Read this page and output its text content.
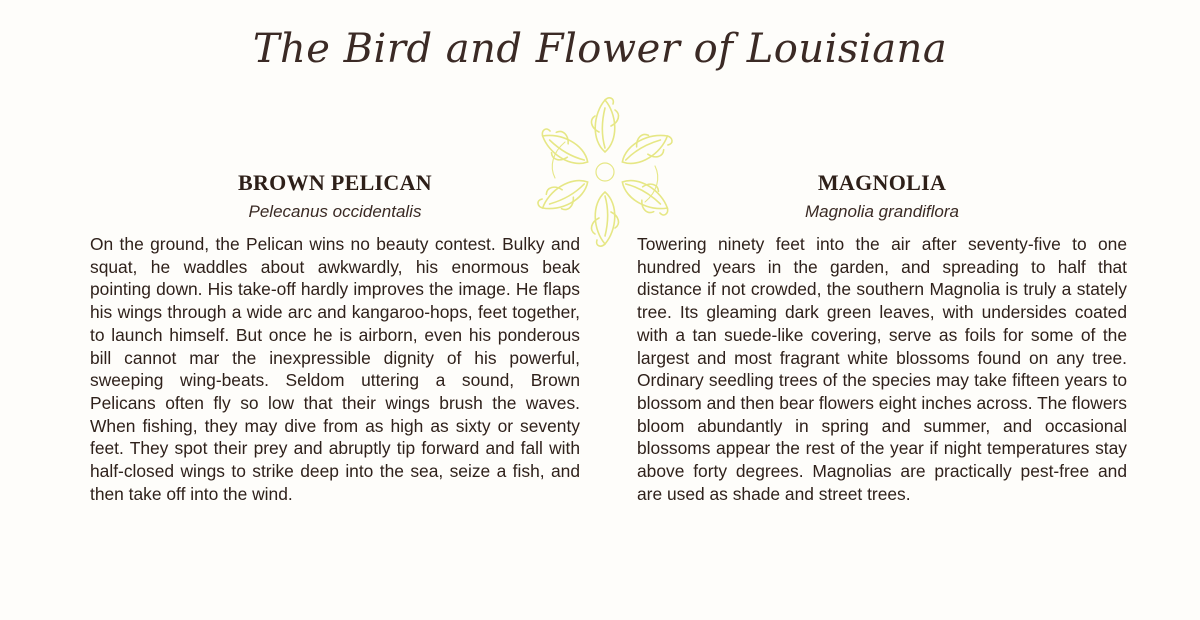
The Bird and Flower of Louisiana
BROWN PELICAN

Pelecanus occidentalis

On the ground, the Pelican wins no beauty contest. Bulky and squat, he waddles about awkwardly, his enormous beak pointing down. His take-off hardly improves the image. He flaps his wings through a wide arc and kangaroo-hops, feet together, to launch himself. But once he is airborn, even his ponderous bill cannot mar the inexpressible dignity of his powerful, sweeping wing-beats. Seldom uttering a sound, Brown Pelicans often fly so low that their wings brush the waves. When fishing, they may dive from as high as sixty or seventy feet. They spot their prey and abruptly tip forward and fall with half-closed wings to strike deep into the sea, seize a fish, and then take off into the wind.

MAGNOLIA

Magnolia grandiflora

Towering ninety feet into the air after seventy-five to one hundred years in the garden, and spreading to half that distance if not crowded, the southern Magnolia is truly a stately tree. Its gleaming dark green leaves, with undersides coated with a tan suede-like covering, serve as foils for some of the largest and most fragrant white blossoms found on any tree. Ordinary seedling trees of the species may take fifteen years to blossom and then bear flowers eight inches across. The flowers bloom abundantly in spring and summer, and occasional blossoms appear the rest of the year if night temperatures stay above forty degrees. Magnolias are practically pest-free and are used as shade and street trees.
